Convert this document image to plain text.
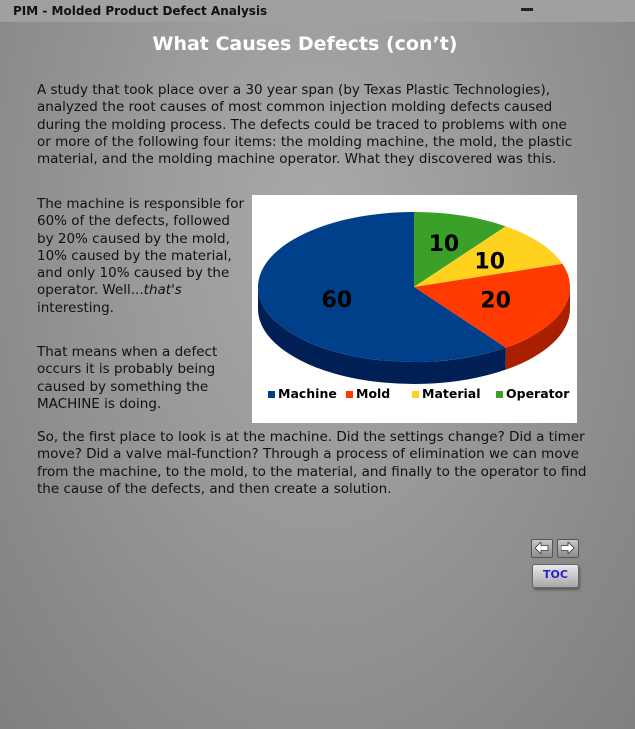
PIM - Molded Product Defect Analysis
What Causes Defects (con’t)

A study that took place over a 30 year span (by Texas Plastic Technologies), analyzed the root causes of most common injection molding defects caused during the molding process. The defects could be traced to problems with one or more of the following four items: the molding machine, the mold, the plastic material, and the molding machine operator. What they discovered was this.

The machine is responsible for 60% of the defects, followed by 20% caused by the mold, 10% caused by the material, and only 10% caused by the operator. Well...that's interesting.

That means when a defect occurs it is probably being caused by something the MACHINE is doing.

10
10
20
60
Machine Mold	Material Operator

So, the first place to look is at the machine. Did the settings change? Did a timer move? Did a valve mal-function? Through a process of elimination we can move from the machine, to the mold, to the material, and finally to the operator to find the cause of the defects, and then create a solution.

TOC
